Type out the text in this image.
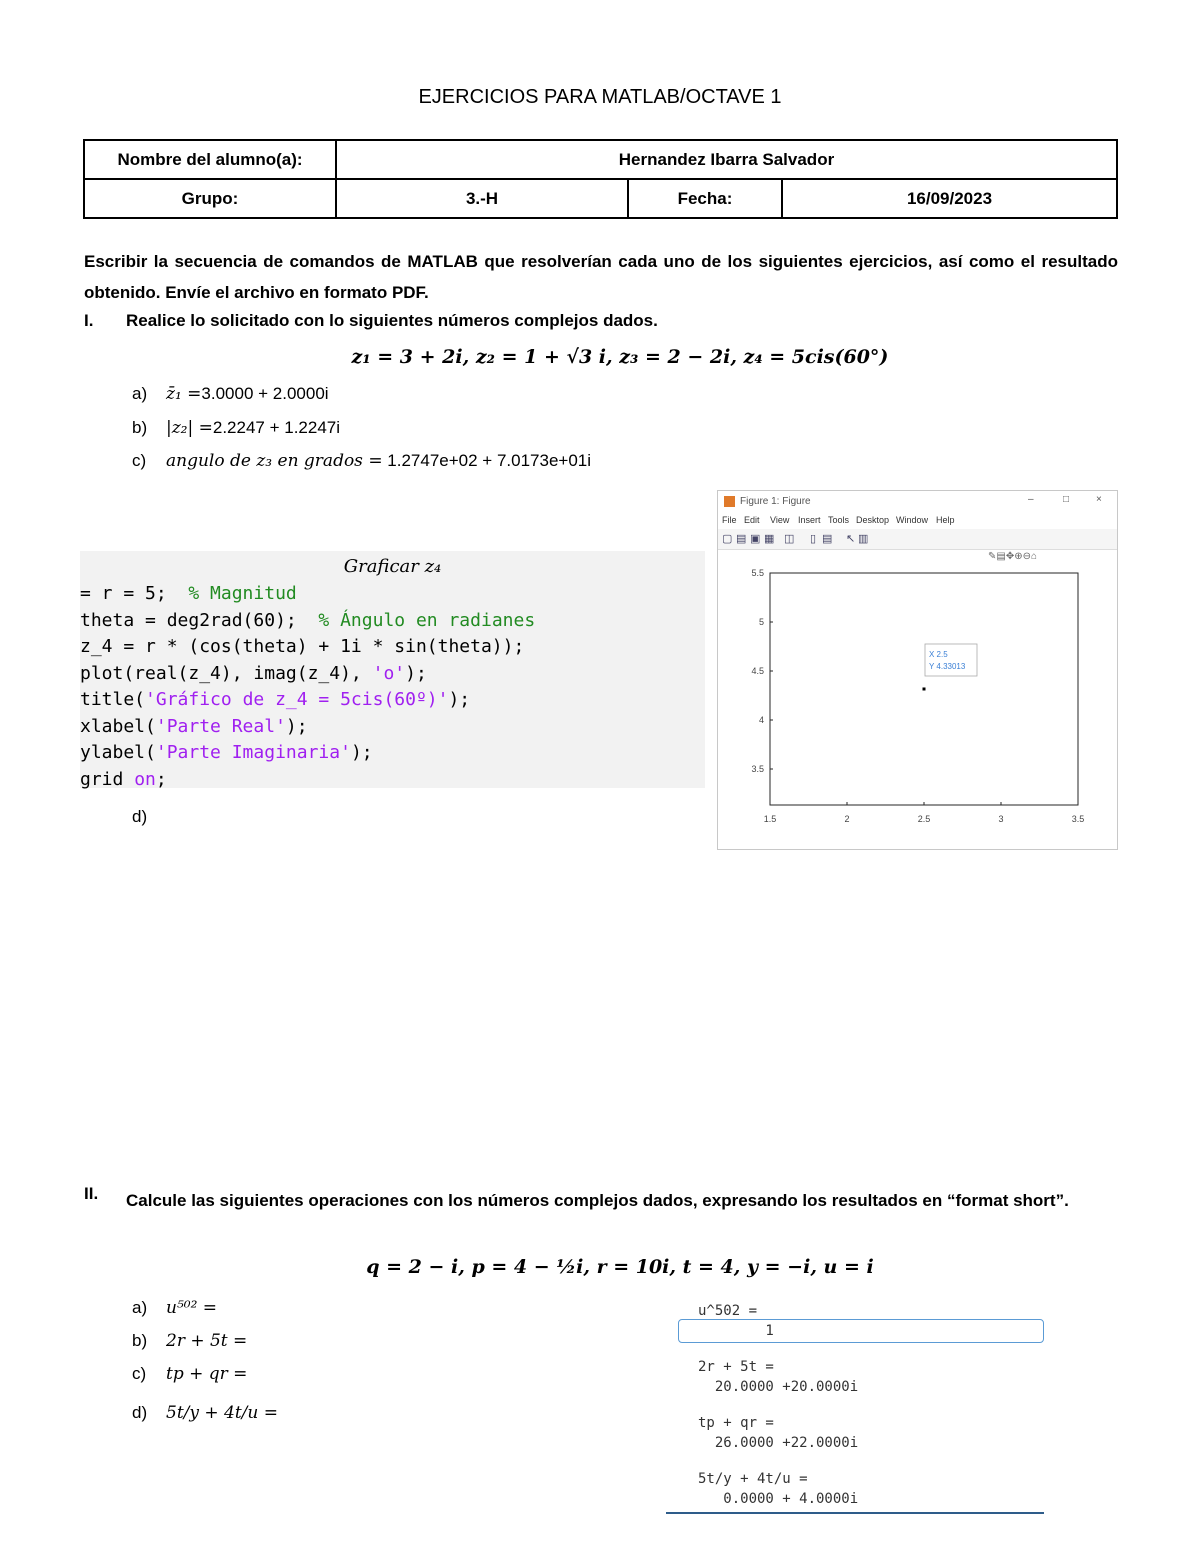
EJERCICIOS PARA MATLAB/OCTAVE 1
Nombre del alumno(a):	Hernandez Ibarra Salvador		
Grupo:	3.-H	Fecha:	16/09/2023
Escribir la secuencia de comandos de MATLAB que resolverían cada uno de los siguientes ejercicios, así como el resultado obtenido. Envíe el archivo en formato PDF.
I. Realice lo solicitado con lo siguientes números complejos dados.
z₁ = 3 + 2i, z₂ = 1 + √3 i, z₃ = 2 − 2i, z₄ = 5cis(60°)
a) z̄₁ =3.0000 + 2.0000i
b) |z₂| =2.2247 + 1.2247i
c) angulo de z₃ en grados = 1.2747e+02 + 7.0173e+01i
Graficar z₄
= r = 5;  % Magnitud
theta = deg2rad(60);  % Ángulo en radianes
z_4 = r * (cos(theta) + 1i * sin(theta));
plot(real(z_4), imag(z_4), 'o');
title('Gráfico de z_4 = 5cis(60º)');
xlabel('Parte Real');
ylabel('Parte Imaginaria');
grid on;
d)
Figure 1: Figure	–	□	×
File Edit View Insert Tools Desktop Window Help
▢ ▤ ▣ ▦ ◫ ▯ ▤ ↖ ▥
✎▤✥⊕⊖⌂
1.5	2	2.5	3	3.5
5.5
5
4.5
4
3.5
X 2.5
Y 4.33013
II. Calcule las siguientes operaciones con los números complejos dados, expresando los resultados en “format short”.
q = 2 − i, p = 4 − ½i, r = 10i, t = 4, y = −i, u = i
a) u⁵⁰² =
b) 2r + 5t =
c) tp + qr =
d) 5t/y + 4t/u =
u^502 =
1
2r + 5t =
20.0000 +20.0000i
tp + qr =
26.0000 +22.0000i
5t/y + 4t/u =
0.0000 + 4.0000i
